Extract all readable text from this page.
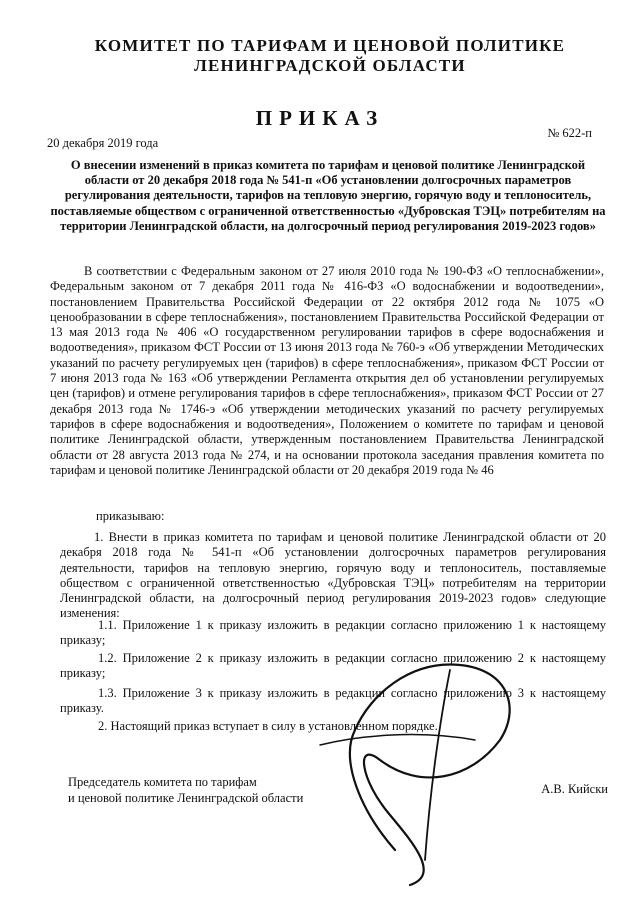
КОМИТЕТ ПО ТАРИФАМ И ЦЕНОВОЙ ПОЛИТИКЕ
ЛЕНИНГРАДСКОЙ ОБЛАСТИ
ПРИКАЗ
20 декабря 2019 года
№ 622-п
О внесении изменений в приказ комитета по тарифам и ценовой политике Ленинградской области от 20 декабря 2018 года № 541-п «Об установлении долгосрочных параметров регулирования деятельности, тарифов на тепловую энергию, горячую воду и теплоноситель, поставляемые обществом с ограниченной ответственностью «Дубровская ТЭЦ» потребителям на территории Ленинградской области, на долгосрочный период регулирования 2019-2023 годов»
В соответствии с Федеральным законом от 27 июля 2010 года № 190-ФЗ «О теплоснабжении», Федеральным законом от 7 декабря 2011 года № 416-ФЗ «О водоснабжении и водоотведении», постановлением Правительства Российской Федерации от 22 октября 2012 года № 1075 «О ценообразовании в сфере теплоснабжения», постановлением Правительства Российской Федерации от 13 мая 2013 года № 406 «О государственном регулировании тарифов в сфере водоснабжения и водоотведения», приказом ФСТ России от 13 июня 2013 года № 760-э «Об утверждении Методических указаний по расчету регулируемых цен (тарифов) в сфере теплоснабжения», приказом ФСТ России от 7 июня 2013 года № 163 «Об утверждении Регламента открытия дел об установлении регулируемых цен (тарифов) и отмене регулирования тарифов в сфере теплоснабжения», приказом ФСТ России от 27 декабря 2013 года № 1746-э «Об утверждении методических указаний по расчету регулируемых тарифов в сфере водоснабжения и водоотведения», Положением о комитете по тарифам и ценовой политике Ленинградской области, утвержденным постановлением Правительства Ленинградской области от 28 августа 2013 года № 274, и на основании протокола заседания правления комитета по тарифам и ценовой политике Ленинградской области от 20 декабря 2019 года № 46
приказываю:
1. Внести в приказ комитета по тарифам и ценовой политике Ленинградской области от 20 декабря 2018 года № 541-п «Об установлении долгосрочных параметров регулирования деятельности, тарифов на тепловую энергию, горячую воду и теплоноситель, поставляемые обществом с ограниченной ответственностью «Дубровская ТЭЦ» потребителям на территории Ленинградской области, на долгосрочный период регулирования 2019-2023 годов» следующие изменения:
1.1. Приложение 1 к приказу изложить в редакции согласно приложению 1 к настоящему приказу;
1.2. Приложение 2 к приказу изложить в редакции согласно приложению 2 к настоящему приказу;
1.3. Приложение 3 к приказу изложить в редакции согласно приложению 3 к настоящему приказу.
2. Настоящий приказ вступает в силу в установленном порядке.
Председатель комитета по тарифам
и ценовой политике Ленинградской области
А.В. Кийски
